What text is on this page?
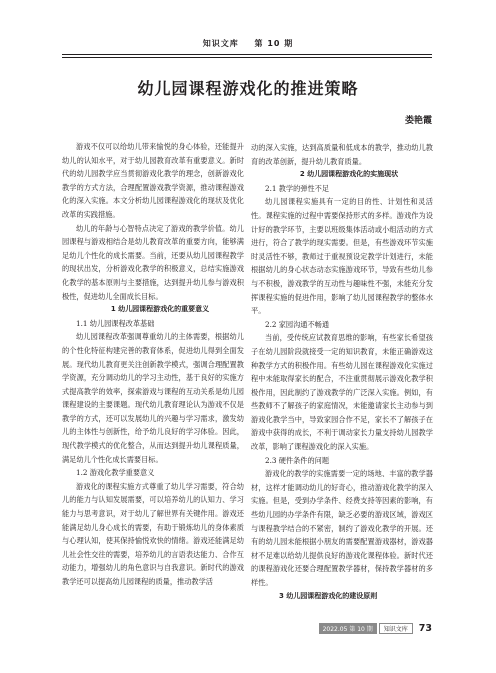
知识文库 第 10 期
幼儿园课程游戏化的推进策略
娄艳霞

游戏不仅可以给幼儿带来愉悦的身心体验，还能提升幼儿的认知水平，对于幼儿园教育改革有重要意义。新时代的幼儿园教学应当贯彻游戏化教学的理念，创新游戏化教学的方式方法，合理配置游戏教学资源，推动课程游戏化的深入实施。本文分析幼儿园课程游戏化的现状及优化改革的实践措施。

幼儿的年龄与心智特点决定了游戏的教学价值。幼儿园课程与游戏相结合是幼儿教育改革的重要方向，能够满足幼儿个性化的成长需要。当前，还要从幼儿园课程教学的现状出发，分析游戏化教学的积极意义，总结实施游戏化教学的基本原则与主要措施，达到提升幼儿参与游戏积极性，促进幼儿全面成长目标。

1 幼儿园课程游戏化的重要意义

1.1 幼儿园课程改革基础

幼儿园课程改革强调尊重幼儿的主体需要，根据幼儿的个性化特征构建完善的教育体系，促进幼儿得到全面发展。现代幼儿教育更关注创新教学模式，强调合理配置教学资源，充分调动幼儿的学习主动性，基于良好的实施方式提高教学的效率，探索游戏与课程的互动关系是幼儿园课程建设的主要课题。现代幼儿教育理论认为游戏不仅是教学的方式，还可以发展幼儿的兴趣与学习需求，激发幼儿的主体性与创新性，给予幼儿良好的学习体验。因此，现代教学模式的优化整合，从而达到提升幼儿课程质量，满足幼儿个性化成长需要目标。

1.2 游戏化教学重要意义

游戏化的课程实施方式尊重了幼儿学习需要，符合幼儿的能力与认知发展需要，可以培养幼儿的认知力、学习能力与思考意识，对于幼儿了解世界有关键作用。游戏还能满足幼儿身心成长的需要，有助于锻炼幼儿的身体素质与心理认知，使其保持愉悦欢快的情绪。游戏还能满足幼儿社会性交往的需要，培养幼儿的言语表达能力、合作互动能力，增强幼儿的角色意识与自我意识。新时代的游戏教学还可以提高幼儿园课程的质量，推动教学活

动的深入实施，达到高质量和低成本的教学，推动幼儿教育的改革创新，提升幼儿教育质量。

2 幼儿园课程游戏化的实施现状

2.1 教学的弹性不足

幼儿园课程实施具有一定的目的性、计划性和灵活性。课程实施的过程中需要保持形式的多样。游戏作为设计好的教学环节，主要以班级集体活动或小组活动的方式进行，符合了教学的现实需要。但是，有些游戏环节实施时灵活性不够，教师过于重视预设定教学计划进行，未能根据幼儿的身心状态动态实施游戏环节，导致有些幼儿参与不积极，游戏教学的互动性与趣味性不强，未能充分发挥课程实施的促进作用，影响了幼儿园课程教学的整体水平。

2.2 家园沟通不畅通

当前，受传统应试教育思维的影响，有些家长希望孩子在幼儿园阶段就接受一定的知识教育，未能正确游戏这种教学方式的积极作用。有些幼儿园在课程游戏化实施过程中未能取得家长的配合，不注重贯彻展示游戏化教学积极作用，因此制约了游戏教学的广泛深入实施。例如，有些教师不了解孩子的家庭情况，未能邀请家长主动参与到游戏化教学当中，导致家园合作不足，家长不了解孩子在游戏中获得的成长，不利于调动家长力量支持幼儿园教学改革，影响了课程游戏化的深入实施。

2.3 硬件条件的问题

游戏化的教学的实施需要一定的场地、丰富的教学器材，这样才能调动幼儿的好奇心，推动游戏化教学的深入实施。但是，受到办学条件、经费支持等因素的影响，有些幼儿园的办学条件有限，缺乏必要的游戏区域，游戏区与课程教学结合的不紧密，制约了游戏化教学的开展。还有的幼儿园未能根据小朋友的需要配置游戏器材，游戏器材不足难以给幼儿提供良好的游戏化课程体验。新时代还的课程游戏化还要合理配置教学器材，保持教学器材的多样性。

3 幼儿园课程游戏化的建设原则

2022.05 第 10 期	知识文库	73
